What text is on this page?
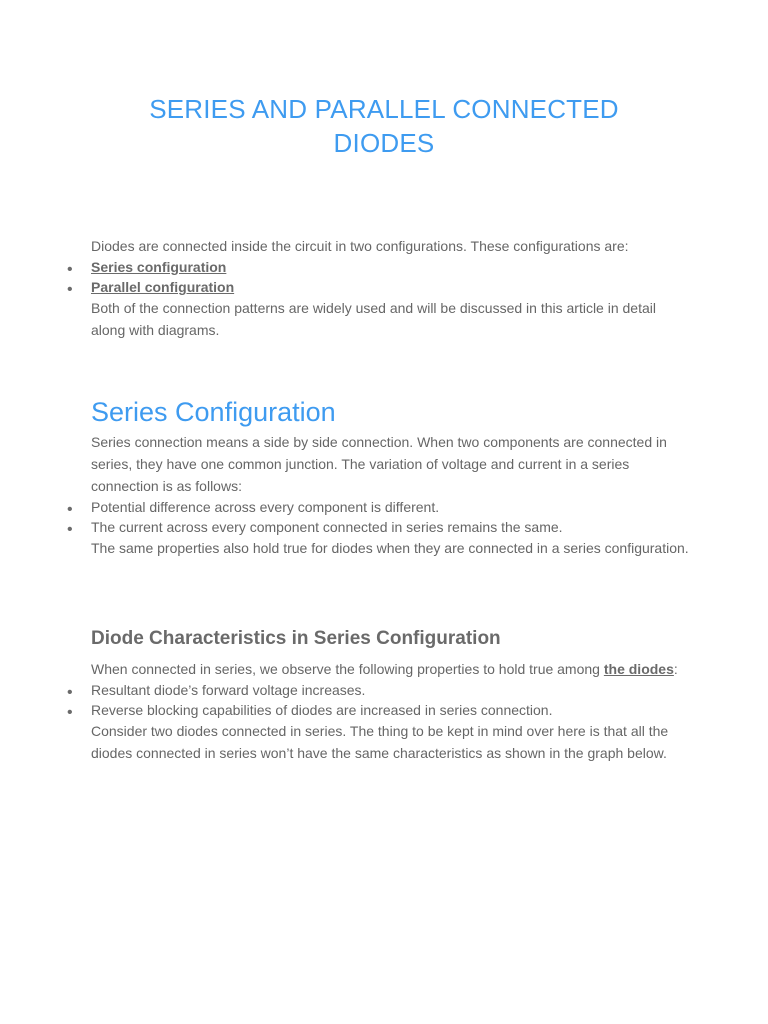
SERIES AND PARALLEL CONNECTED
DIODES

Diodes are connected inside the circuit in two configurations. These configurations are:

• Series configuration
• Parallel configuration

Both of the connection patterns are widely used and will be discussed in this article in detail along with diagrams.

Series Configuration

Series connection means a side by side connection. When two components are connected in series, they have one common junction. The variation of voltage and current in a series connection is as follows:

• Potential difference across every component is different.
• The current across every component connected in series remains the same.

The same properties also hold true for diodes when they are connected in a series configuration.

Diode Characteristics in Series Configuration

When connected in series, we observe the following properties to hold true among the diodes:

• Resultant diode’s forward voltage increases.
• Reverse blocking capabilities of diodes are increased in series connection.

Consider two diodes connected in series. The thing to be kept in mind over here is that all the diodes connected in series won’t have the same characteristics as shown in the graph below.
